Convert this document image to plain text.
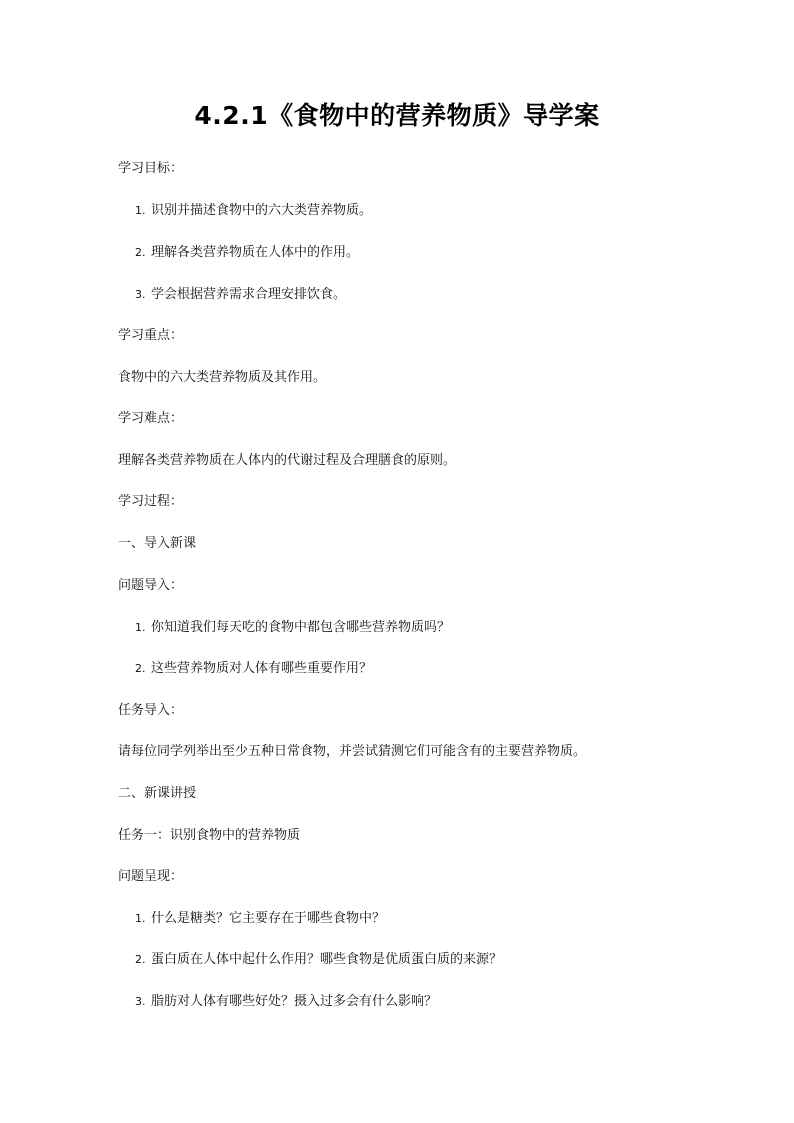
4.2.1《食物中的营养物质》导学案
学习目标：
1. 识别并描述食物中的六大类营养物质。
2. 理解各类营养物质在人体中的作用。
3. 学会根据营养需求合理安排饮食。
学习重点：
食物中的六大类营养物质及其作用。
学习难点：
理解各类营养物质在人体内的代谢过程及合理膳食的原则。
学习过程：
一、导入新课
问题导入：
1. 你知道我们每天吃的食物中都包含哪些营养物质吗？
2. 这些营养物质对人体有哪些重要作用？
任务导入：
请每位同学列举出至少五种日常食物，并尝试猜测它们可能含有的主要营养物质。
二、新课讲授
任务一：识别食物中的营养物质
问题呈现：
1. 什么是糖类？它主要存在于哪些食物中？
2. 蛋白质在人体中起什么作用？哪些食物是优质蛋白质的来源？
3. 脂肪对人体有哪些好处？摄入过多会有什么影响？
